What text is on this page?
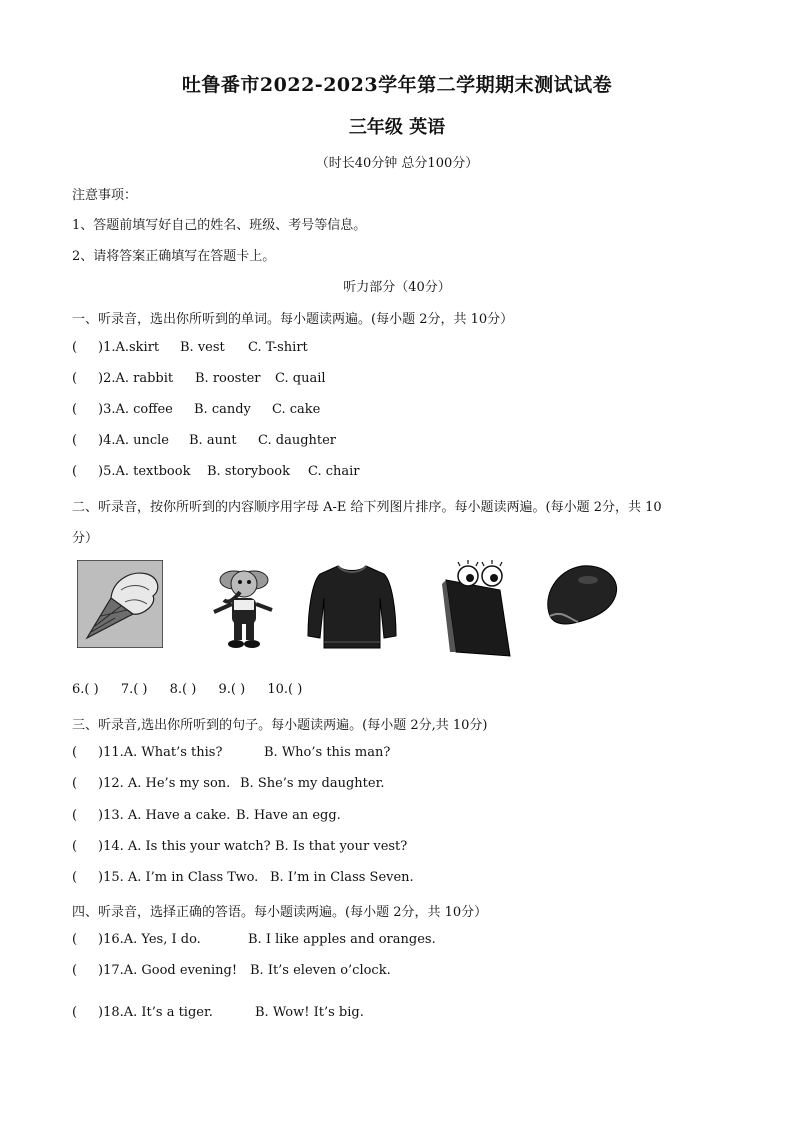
吐鲁番市2022-2023学年第二学期期末测试试卷
三年级 英语
（时长40分钟 总分100分）
注意事项：
1、答题前填写好自己的姓名、班级、考号等信息。
2、请将答案正确填写在答题卡上。
听力部分（40分）
一、听录音，选出你所听到的单词。每小题读两遍。(每小题 2分，共 10分）
( )1.A.skirt B. vest C. T-shirt
( )2.A. rabbit B. rooster C. quail
( )3.A. coffee B. candy C. cake
( )4.A. uncle B. aunt C. daughter
( )5.A. textbook B. storybook C. chair
二、听录音，按你所听到的内容顺序用字母 A-E 给下列图片排序。每小题读两遍。(每小题 2分，共 10
分）
6.( ) 7.( ) 8.( ) 9.( ) 10.( )
三、听录音,选出你所听到的句子。每小题读两遍。(每小题 2分,共 10分)
( )11.A. What’s this?	B. Who’s this man?
( )12. A. He’s my son. B. She’s my daughter.
( )13. A. Have a cake. B. Have an egg.
( )14. A. Is this your watch? B. Is that your vest?
( )15. A. I’m in Class Two. B. I’m in Class Seven.
四、听录音，选择正确的答语。每小题读两遍。(每小题 2分，共 10分）
( )16.A. Yes, I do.	B. I like apples and oranges.
( )17.A. Good evening! B. It’s eleven o’clock.
( )18.A. It’s a tiger.	B. Wow! It’s big.
